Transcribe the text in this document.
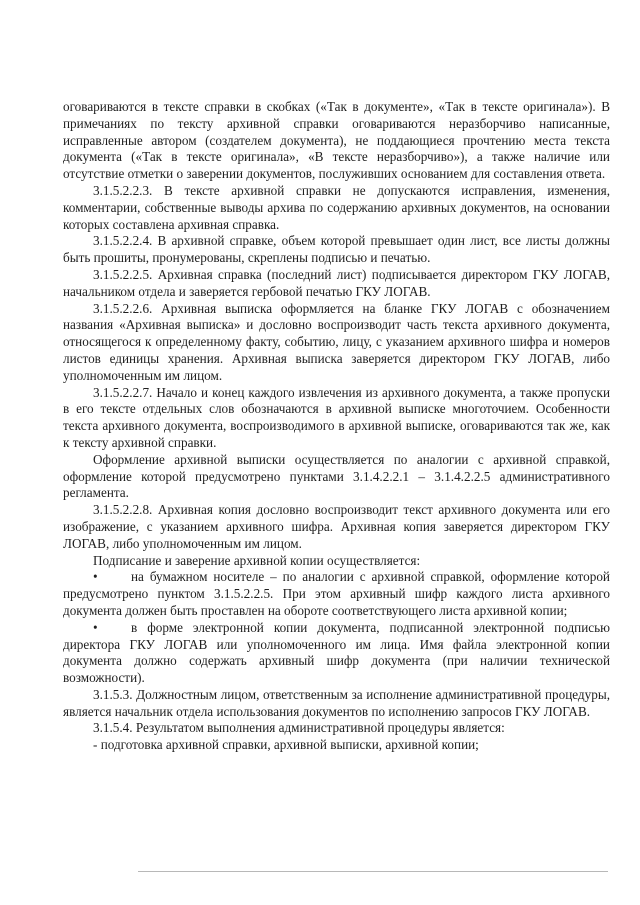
оговариваются в тексте справки в скобках («Так в документе», «Так в тексте оригинала»). В примечаниях по тексту архивной справки оговариваются неразборчиво написанные, исправленные автором (создателем документа), не поддающиеся прочтению места текста документа («Так в тексте оригинала», «В тексте неразборчиво»), а также наличие или отсутствие отметки о заверении документов, послуживших основанием для составления ответа.

3.1.5.2.2.3. В тексте архивной справки не допускаются исправления, изменения, комментарии, собственные выводы архива по содержанию архивных документов, на основании которых составлена архивная справка.

3.1.5.2.2.4. В архивной справке, объем которой превышает один лист, все листы должны быть прошиты, пронумерованы, скреплены подписью и печатью.

3.1.5.2.2.5. Архивная справка (последний лист) подписывается директором ГКУ ЛОГАВ, начальником отдела и заверяется гербовой печатью ГКУ ЛОГАВ.

3.1.5.2.2.6. Архивная выписка оформляется на бланке ГКУ ЛОГАВ с обозначением названия «Архивная выписка» и дословно воспроизводит часть текста архивного документа, относящегося к определенному факту, событию, лицу, с указанием архивного шифра и номеров листов единицы хранения. Архивная выписка заверяется директором ГКУ ЛОГАВ, либо уполномоченным им лицом.

3.1.5.2.2.7. Начало и конец каждого извлечения из архивного документа, а также пропуски в его тексте отдельных слов обозначаются в архивной выписке многоточием. Особенности текста архивного документа, воспроизводимого в архивной выписке, оговариваются так же, как к тексту архивной справки.

Оформление архивной выписки осуществляется по аналогии с архивной справкой, оформление которой предусмотрено пунктами 3.1.4.2.2.1 – 3.1.4.2.2.5 административного регламента.

3.1.5.2.2.8. Архивная копия дословно воспроизводит текст архивного документа или его изображение, с указанием архивного шифра. Архивная копия заверяется директором ГКУ ЛОГАВ, либо уполномоченным им лицом.

Подписание и заверение архивной копии осуществляется:

•	на бумажном носителе – по аналогии с архивной справкой, оформление которой предусмотрено пунктом 3.1.5.2.2.5. При этом архивный шифр каждого листа архивного документа должен быть проставлен на обороте соответствующего листа архивной копии;

•	в форме электронной копии документа, подписанной электронной подписью директора ГКУ ЛОГАВ или уполномоченного им лица. Имя файла электронной копии документа должно содержать архивный шифр документа (при наличии технической возможности).

3.1.5.3. Должностным лицом, ответственным за исполнение административной процедуры, является начальник отдела использования документов по исполнению запросов ГКУ ЛОГАВ.

3.1.5.4. Результатом выполнения административной процедуры является:

- подготовка архивной справки, архивной выписки, архивной копии;
